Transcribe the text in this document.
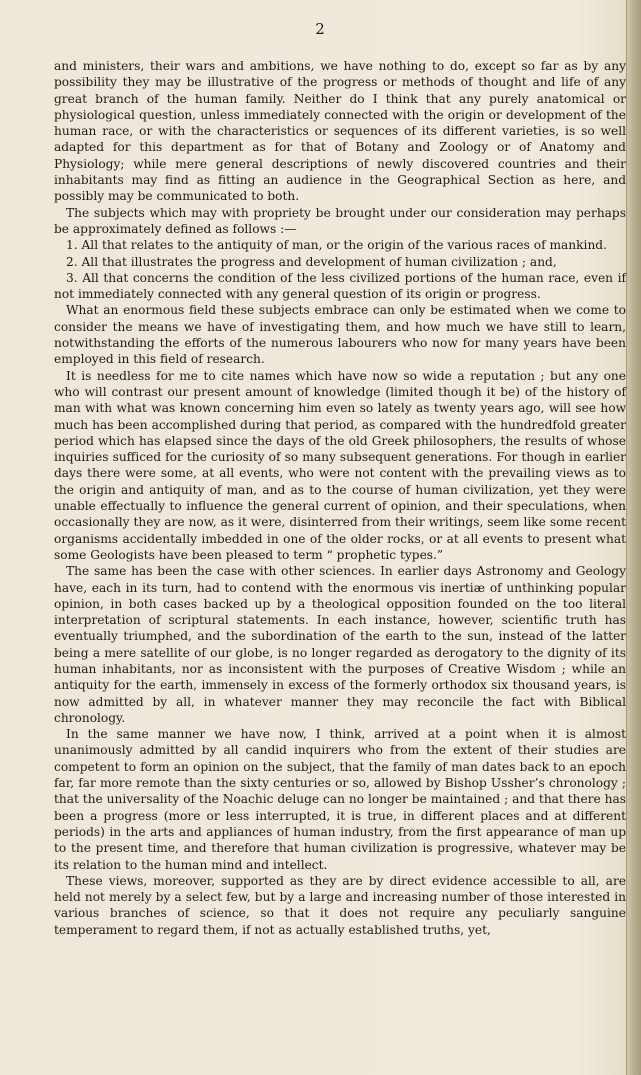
2

and ministers, their wars and ambitions, we have nothing to do, except so far as by any possibility they may be illustrative of the progress or methods of thought and life of any great branch of the human family. Neither do I think that any purely anatomical or physiological question, unless immediately connected with the origin or development of the human race, or with the characteristics or sequences of its different varieties, is so well adapted for this department as for that of Botany and Zoology or of Anatomy and Physiology; while mere general descriptions of newly discovered countries and their inhabitants may find as fitting an audience in the Geographical Section as here, and possibly may be communicated to both.

The subjects which may with propriety be brought under our consideration may perhaps be approximately defined as follows :—

1. All that relates to the antiquity of man, or the origin of the various races of mankind.

2. All that illustrates the progress and development of human civilization ; and,

3. All that concerns the condition of the less civilized portions of the human race, even if not immediately connected with any general question of its origin or progress.

What an enormous field these subjects embrace can only be estimated when we come to consider the means we have of investigating them, and how much we have still to learn, notwithstanding the efforts of the numerous labourers who now for many years have been employed in this field of research.

It is needless for me to cite names which have now so wide a reputation ; but any one who will contrast our present amount of knowledge (limited though it be) of the history of man with what was known concerning him even so lately as twenty years ago, will see how much has been accomplished during that period, as compared with the hundredfold greater period which has elapsed since the days of the old Greek philosophers, the results of whose inquiries sufficed for the curiosity of so many subsequent generations. For though in earlier days there were some, at all events, who were not content with the prevailing views as to the origin and antiquity of man, and as to the course of human civilization, yet they were unable effectually to influence the general current of opinion, and their speculations, when occasionally they are now, as it were, disinterred from their writings, seem like some recent organisms accidentally imbedded in one of the older rocks, or at all events to present what some Geologists have been pleased to term “ prophetic types.”

The same has been the case with other sciences. In earlier days Astronomy and Geology have, each in its turn, had to contend with the enormous vis inertiæ of unthinking popular opinion, in both cases backed up by a theological opposition founded on the too literal interpretation of scriptural statements. In each instance, however, scientific truth has eventually triumphed, and the subordination of the earth to the sun, instead of the latter being a mere satellite of our globe, is no longer regarded as derogatory to the dignity of its human inhabitants, nor as inconsistent with the purposes of Creative Wisdom ; while an antiquity for the earth, immensely in excess of the formerly orthodox six thousand years, is now admitted by all, in whatever manner they may reconcile the fact with Biblical chronology.

In the same manner we have now, I think, arrived at a point when it is almost unanimously admitted by all candid inquirers who from the extent of their studies are competent to form an opinion on the subject, that the family of man dates back to an epoch far, far more remote than the sixty centuries or so, allowed by Bishop Ussher’s chronology ; that the universality of the Noachic deluge can no longer be maintained ; and that there has been a progress (more or less interrupted, it is true, in different places and at different periods) in the arts and appliances of human industry, from the first appearance of man up to the present time, and therefore that human civilization is progressive, whatever may be its relation to the human mind and intellect.

These views, moreover, supported as they are by direct evidence accessible to all, are held not merely by a select few, but by a large and increasing number of those interested in various branches of science, so that it does not require any peculiarly sanguine temperament to regard them, if not as actually established truths, yet,
